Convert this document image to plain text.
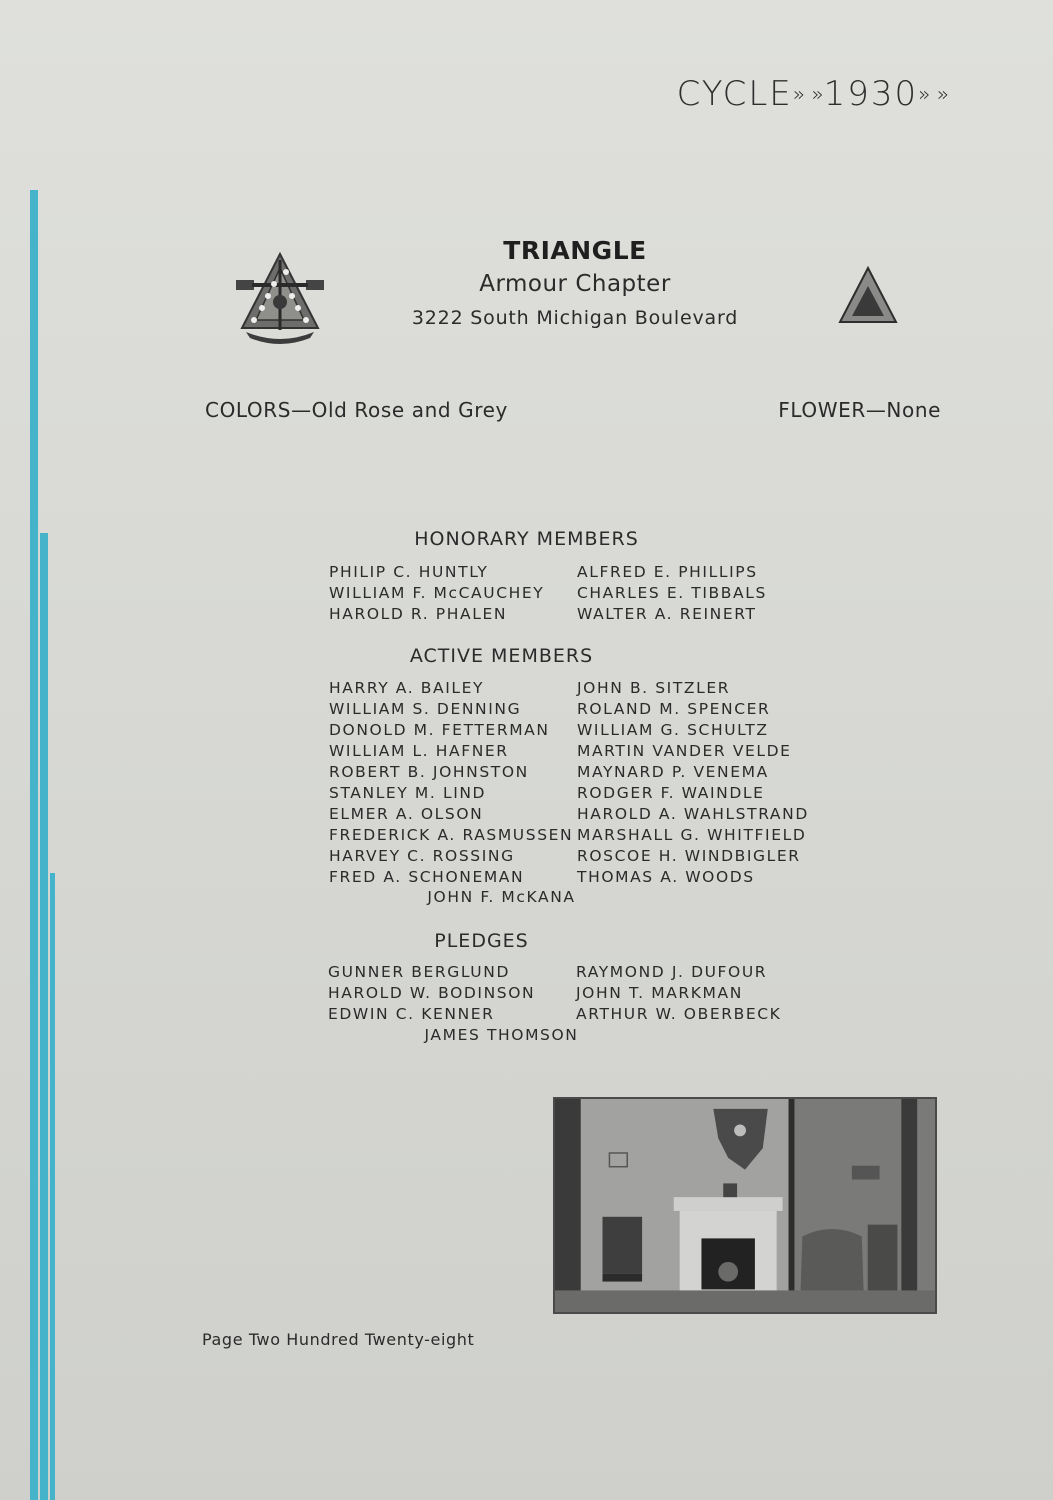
CYCLE» »1930» »
TRIANGLE
Armour Chapter
3222 South Michigan Boulevard
COLORS—Old Rose and Grey	FLOWER—None
HONORARY MEMBERS
PHILIP C. HUNTLY
WILLIAM F. McCAUCHEY
HAROLD R. PHALEN
ALFRED E. PHILLIPS
CHARLES E. TIBBALS
WALTER A. REINERT
ACTIVE MEMBERS
HARRY A. BAILEY
WILLIAM S. DENNING
DONOLD M. FETTERMAN
WILLIAM L. HAFNER
ROBERT B. JOHNSTON
STANLEY M. LIND
ELMER A. OLSON
FREDERICK A. RASMUSSEN
HARVEY C. ROSSING
FRED A. SCHONEMAN
JOHN B. SITZLER
ROLAND M. SPENCER
WILLIAM G. SCHULTZ
MARTIN VANDER VELDE
MAYNARD P. VENEMA
RODGER F. WAINDLE
HAROLD A. WAHLSTRAND
MARSHALL G. WHITFIELD
ROSCOE H. WINDBIGLER
THOMAS A. WOODS
JOHN F. McKANA
PLEDGES
GUNNER BERGLUND
HAROLD W. BODINSON
EDWIN C. KENNER
RAYMOND J. DUFOUR
JOHN T. MARKMAN
ARTHUR W. OBERBECK
JAMES THOMSON
Page Two Hundred Twenty-eight
